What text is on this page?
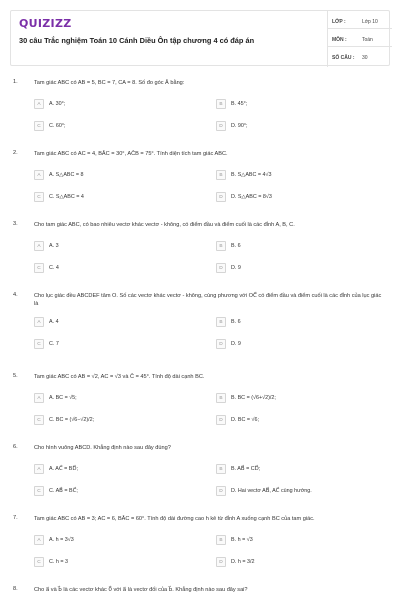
QUIZIZZ
30 câu Trắc nghiệm Toán 10 Cánh Diều Ôn tập chương 4 có đáp án
LỚP :	Lớp 10
MÔN :	Toán
SỐ CÂU : 30
1.	Tam giác ABC có AB = 5, BC = 7, CA = 8. Số đo góc Â bằng:
A	A. 30°;	B	B. 45°;
C	C. 60°;	D	D. 90°;
2.	Tam giác ABC có AC = 4, BÂC = 30°, AĈB = 75°. Tính diện tích tam giác ABC.
A	A. S△ABC = 8	B	B. S△ABC = 4√3
C	C. S△ABC = 4	D	D. S△ABC = 8√3
3.	Cho tam giác ABC, có bao nhiêu vectơ khác vectơ - không, có điểm đầu và điểm cuối là các đỉnh A, B, C.
A	A. 3	B	B. 6
C	C. 4	D	D. 9
4.	Cho lục giác đều ABCDEF tâm O. Số các vectơ khác vectơ - không, cùng phương với OC⃗ có điểm đầu và điểm cuối là các đỉnh của lục giác là
A	A. 4	B	B. 6
C	C. 7	D	D. 9
5.	Tam giác ABC có AB = √2, AC = √3 và Ĉ = 45°. Tính độ dài cạnh BC.
A	A. BC = √5;	B	B. BC = (√6+√2)/2;
C	C. BC = (√6−√2)/2;	D	D. BC = √6;
6.	Cho hình vuông ABCD. Khẳng định nào sau đây đúng?
A	A. AC⃗ = BD⃗;	B	B. AB⃗ = CD⃗;
C	C. AB⃗ = BC⃗;	D	D. Hai vectơ AB⃗, AC⃗ cùng hướng.
7.	Tam giác ABC có AB = 3; AC = 6, BÂC = 60°. Tính độ dài đường cao h kẻ từ đỉnh A xuống cạnh BC của tam giác.
A	A. h = 3√3	B	B. h = √3
C	C. h = 3	D	D. h = 3/2
8.	Cho a⃗ và b⃗ là các vectơ khác 0⃗ với a⃗ là vectơ đối của b⃗. Khẳng định nào sau đây sai?
